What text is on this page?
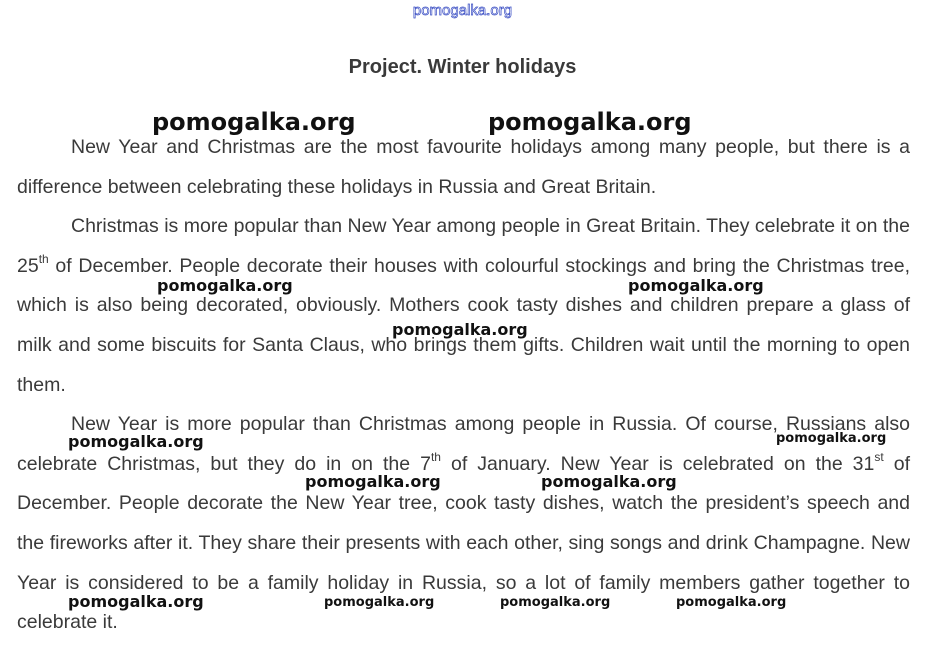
pomogalka.org
Project. Winter holidays

New Year and Christmas are the most favourite holidays among many people, but there is a difference between celebrating these holidays in Russia and Great Britain.

Christmas is more popular than New Year among people in Great Britain. They celebrate it on the 25th of December. People decorate their houses with colourful stockings and bring the Christmas tree, which is also being decorated, obviously. Mothers cook tasty dishes and children prepare a glass of milk and some biscuits for Santa Claus, who brings them gifts. Children wait until the morning to open them.

New Year is more popular than Christmas among people in Russia. Of course, Russians also celebrate Christmas, but they do in on the 7th of January. New Year is celebrated on the 31st of December. People decorate the New Year tree, cook tasty dishes, watch the president’s speech and the fireworks after it. They share their presents with each other, sing songs and drink Champagne. New Year is considered to be a family holiday in Russia, so a lot of family members gather together to celebrate it.

pomogalka.org	pomogalka.org
pomogalka.org	pomogalka.org
pomogalka.org
pomogalka.org	pomogalka.org
pomogalka.org	pomogalka.org
pomogalka.org	pomogalka.org	pomogalka.org	pomogalka.org
